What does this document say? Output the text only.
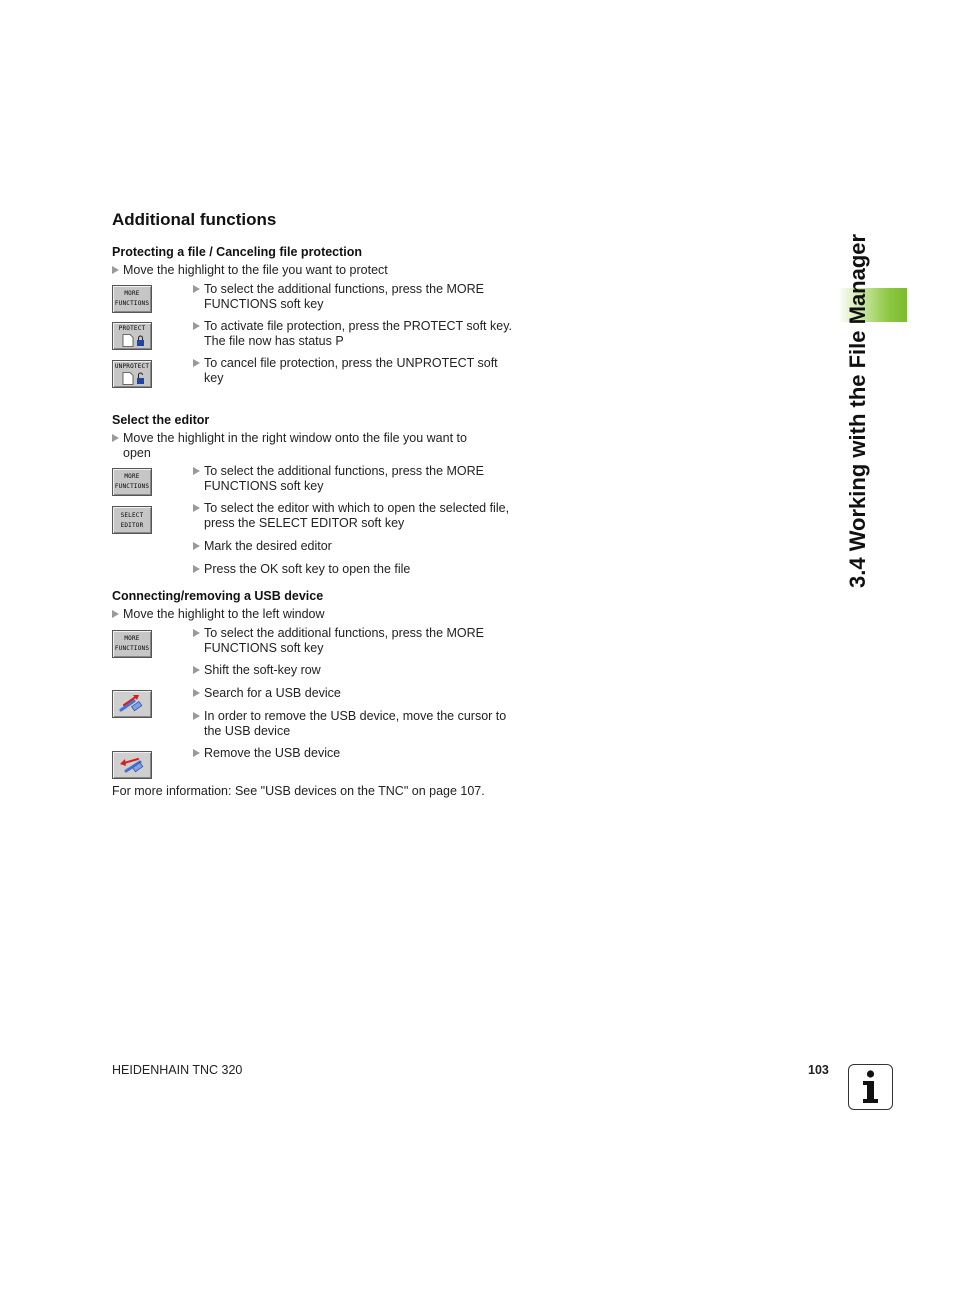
Additional functions
Protecting a file / Canceling file protection
Move the highlight to the file you want to protect
MORE
FUNCTIONS
To select the additional functions, press the MORE FUNCTIONS soft key
PROTECT	To activate file protection, press the PROTECT soft key. The file now has status P
UNPROTECT	To cancel file protection, press the UNPROTECT soft key
Select the editor
Move the highlight in the right window onto the file you want to open
MORE
FUNCTIONS
To select the additional functions, press the MORE FUNCTIONS soft key
SELECT
EDITOR
To select the editor with which to open the selected file, press the SELECT EDITOR soft key
Mark the desired editor
Press the OK soft key to open the file
Connecting/removing a USB device
Move the highlight to the left window
MORE
FUNCTIONS
To select the additional functions, press the MORE FUNCTIONS soft key
Shift the soft-key row
Search for a USB device
In order to remove the USB device, move the cursor to the USB device
Remove the USB device
For more information: See "USB devices on the TNC" on page 107.
3.4 Working with the File Manager
HEIDENHAIN TNC 320	103
